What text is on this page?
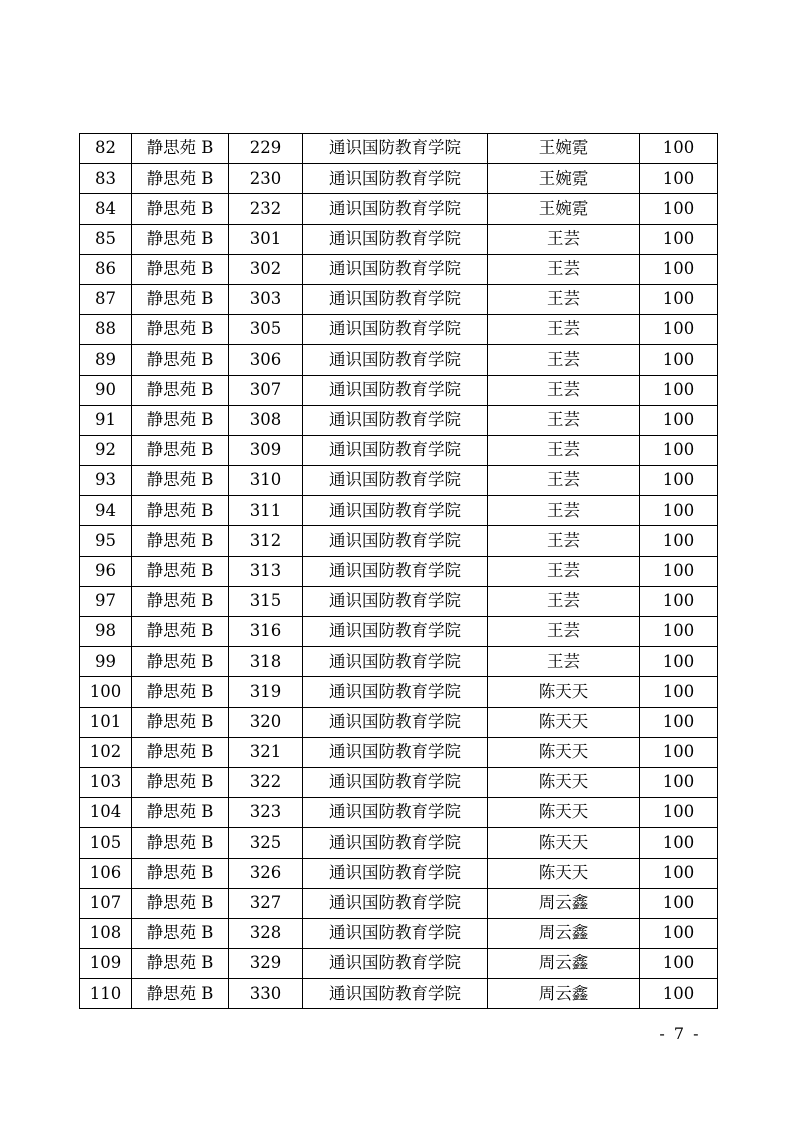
82	静思苑 B	229	通识国防教育学院	王婉霓	100
83	静思苑 B	230	通识国防教育学院	王婉霓	100
84	静思苑 B	232	通识国防教育学院	王婉霓	100
85	静思苑 B	301	通识国防教育学院	王芸	100
86	静思苑 B	302	通识国防教育学院	王芸	100
87	静思苑 B	303	通识国防教育学院	王芸	100
88	静思苑 B	305	通识国防教育学院	王芸	100
89	静思苑 B	306	通识国防教育学院	王芸	100
90	静思苑 B	307	通识国防教育学院	王芸	100
91	静思苑 B	308	通识国防教育学院	王芸	100
92	静思苑 B	309	通识国防教育学院	王芸	100
93	静思苑 B	310	通识国防教育学院	王芸	100
94	静思苑 B	311	通识国防教育学院	王芸	100
95	静思苑 B	312	通识国防教育学院	王芸	100
96	静思苑 B	313	通识国防教育学院	王芸	100
97	静思苑 B	315	通识国防教育学院	王芸	100
98	静思苑 B	316	通识国防教育学院	王芸	100
99	静思苑 B	318	通识国防教育学院	王芸	100
100	静思苑 B	319	通识国防教育学院	陈天天	100
101	静思苑 B	320	通识国防教育学院	陈天天	100
102	静思苑 B	321	通识国防教育学院	陈天天	100
103	静思苑 B	322	通识国防教育学院	陈天天	100
104	静思苑 B	323	通识国防教育学院	陈天天	100
105	静思苑 B	325	通识国防教育学院	陈天天	100
106	静思苑 B	326	通识国防教育学院	陈天天	100
107	静思苑 B	327	通识国防教育学院	周云鑫	100
108	静思苑 B	328	通识国防教育学院	周云鑫	100
109	静思苑 B	329	通识国防教育学院	周云鑫	100
110	静思苑 B	330	通识国防教育学院	周云鑫	100
- 7 -
